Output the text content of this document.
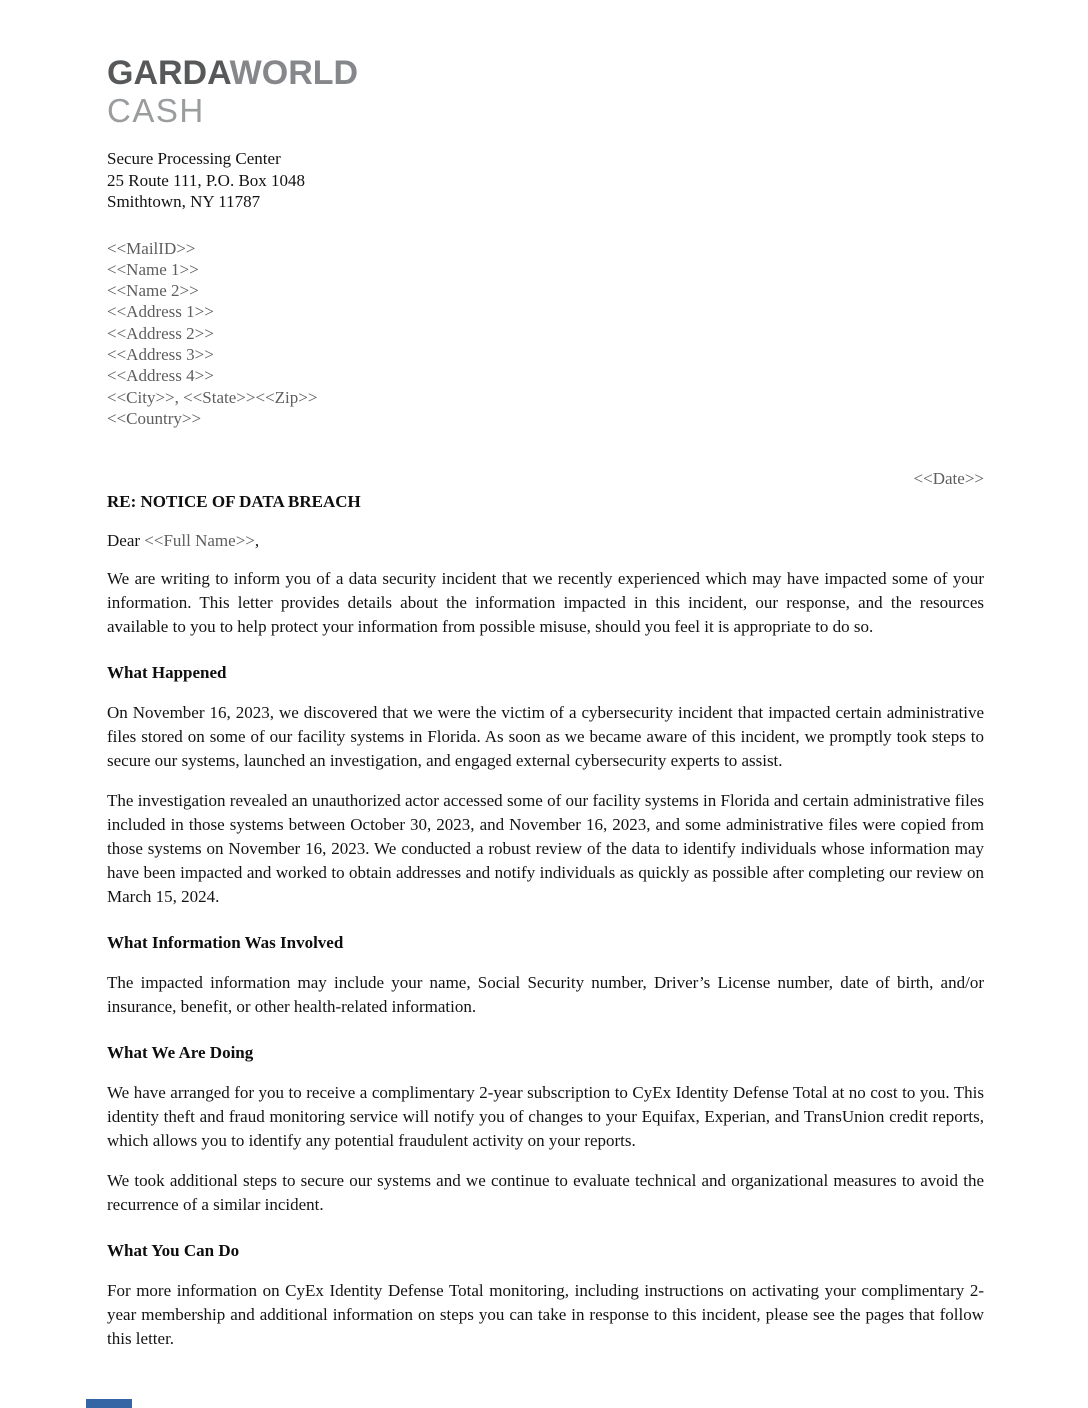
GARDAWORLD
CASH
Secure Processing Center
25 Route 111, P.O. Box 1048
Smithtown, NY 11787
<<MailID>>
<<Name 1>>
<<Name 2>>
<<Address 1>>
<<Address 2>>
<<Address 3>>
<<Address 4>>
<<City>>, <<State>><<Zip>>
<<Country>>
<<Date>>
RE: NOTICE OF DATA BREACH
Dear <<Full Name>>,

We are writing to inform you of a data security incident that we recently experienced which may have impacted some of your information. This letter provides details about the information impacted in this incident, our response, and the resources available to you to help protect your information from possible misuse, should you feel it is appropriate to do so.

What Happened

On November 16, 2023, we discovered that we were the victim of a cybersecurity incident that impacted certain administrative files stored on some of our facility systems in Florida. As soon as we became aware of this incident, we promptly took steps to secure our systems, launched an investigation, and engaged external cybersecurity experts to assist.

The investigation revealed an unauthorized actor accessed some of our facility systems in Florida and certain administrative files included in those systems between October 30, 2023, and November 16, 2023, and some administrative files were copied from those systems on November 16, 2023. We conducted a robust review of the data to identify individuals whose information may have been impacted and worked to obtain addresses and notify individuals as quickly as possible after completing our review on March 15, 2024.

What Information Was Involved

The impacted information may include your name, Social Security number, Driver’s License number, date of birth, and/or insurance, benefit, or other health-related information.

What We Are Doing

We have arranged for you to receive a complimentary 2-year subscription to CyEx Identity Defense Total at no cost to you. This identity theft and fraud monitoring service will notify you of changes to your Equifax, Experian, and TransUnion credit reports, which allows you to identify any potential fraudulent activity on your reports.

We took additional steps to secure our systems and we continue to evaluate technical and organizational measures to avoid the recurrence of a similar incident.

What You Can Do

For more information on CyEx Identity Defense Total monitoring, including instructions on activating your complimentary 2-year membership and additional information on steps you can take in response to this incident, please see the pages that follow this letter.
